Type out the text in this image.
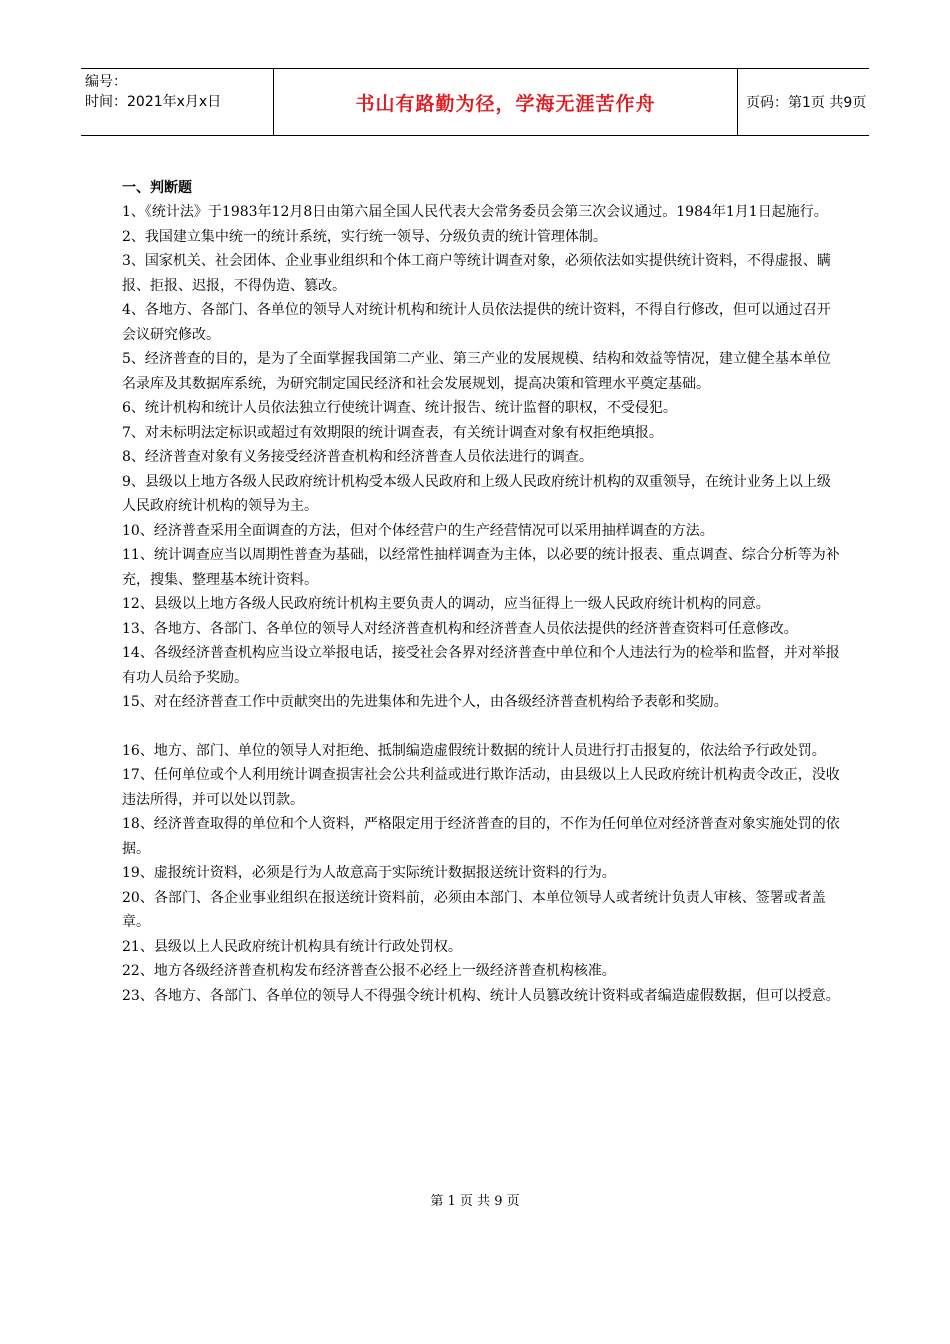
编号：
时间：2021年x月x日	书山有路勤为径，学海无涯苦作舟	页码：第1页 共9页
一、判断题

1、《统计法》于1983年12月8日由第六届全国人民代表大会常务委员会第三次会议通过。1984年1月1日起施行。

2、我国建立集中统一的统计系统，实行统一领导、分级负责的统计管理体制。

3、国家机关、社会团体、企业事业组织和个体工商户等统计调查对象，必须依法如实提供统计资料，不得虚报、瞒报、拒报、迟报，不得伪造、篡改。

4、各地方、各部门、各单位的领导人对统计机构和统计人员依法提供的统计资料，不得自行修改，但可以通过召开会议研究修改。

5、经济普查的目的，是为了全面掌握我国第二产业、第三产业的发展规模、结构和效益等情况，建立健全基本单位名录库及其数据库系统，为研究制定国民经济和社会发展规划，提高决策和管理水平奠定基础。

6、统计机构和统计人员依法独立行使统计调查、统计报告、统计监督的职权，不受侵犯。

7、对未标明法定标识或超过有效期限的统计调查表，有关统计调查对象有权拒绝填报。

8、经济普查对象有义务接受经济普查机构和经济普查人员依法进行的调查。

9、县级以上地方各级人民政府统计机构受本级人民政府和上级人民政府统计机构的双重领导，在统计业务上以上级人民政府统计机构的领导为主。

10、经济普查采用全面调查的方法，但对个体经营户的生产经营情况可以采用抽样调查的方法。

11、统计调查应当以周期性普查为基础，以经常性抽样调查为主体，以必要的统计报表、重点调查、综合分析等为补充，搜集、整理基本统计资料。

12、县级以上地方各级人民政府统计机构主要负责人的调动，应当征得上一级人民政府统计机构的同意。

13、各地方、各部门、各单位的领导人对经济普查机构和经济普查人员依法提供的经济普查资料可任意修改。

14、各级经济普查机构应当设立举报电话，接受社会各界对经济普查中单位和个人违法行为的检举和监督，并对举报有功人员给予奖励。

15、对在经济普查工作中贡献突出的先进集体和先进个人，由各级经济普查机构给予表彰和奖励。

16、地方、部门、单位的领导人对拒绝、抵制编造虚假统计数据的统计人员进行打击报复的，依法给予行政处罚。

17、任何单位或个人利用统计调查损害社会公共利益或进行欺诈活动，由县级以上人民政府统计机构责令改正，没收违法所得，并可以处以罚款。

18、经济普查取得的单位和个人资料，严格限定用于经济普查的目的，不作为任何单位对经济普查对象实施处罚的依据。

19、虚报统计资料，必须是行为人故意高于实际统计数据报送统计资料的行为。

20、各部门、各企业事业组织在报送统计资料前，必须由本部门、本单位领导人或者统计负责人审核、签署或者盖章。

21、县级以上人民政府统计机构具有统计行政处罚权。

22、地方各级经济普查机构发布经济普查公报不必经上一级经济普查机构核准。

23、各地方、各部门、各单位的领导人不得强令统计机构、统计人员篡改统计资料或者编造虚假数据，但可以授意。

第 1 页 共 9 页
